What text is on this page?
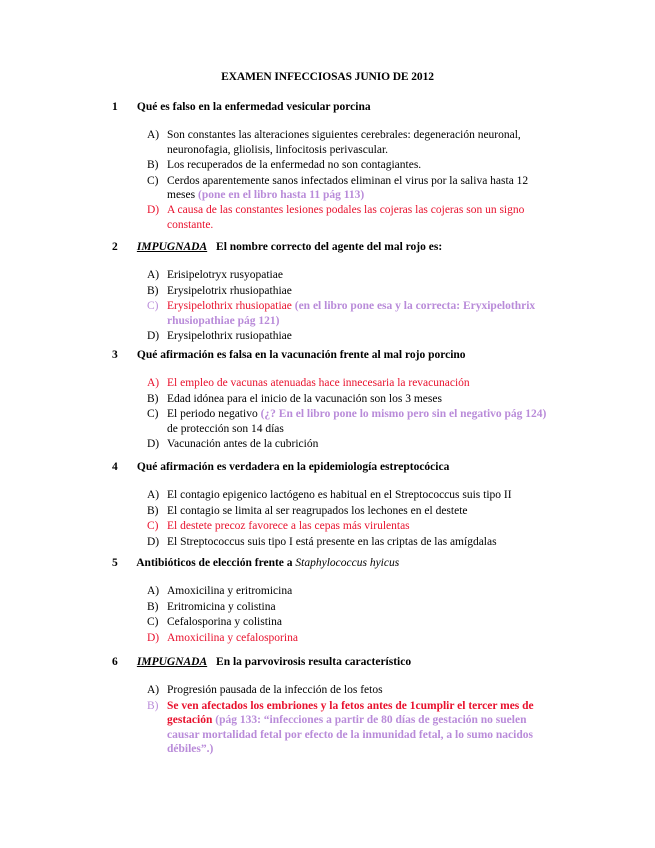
EXAMEN INFECCIOSAS JUNIO DE 2012

1 Qué es falso en la enfermedad vesicular porcina

A) Son constantes las alteraciones siguientes cerebrales: degeneración neuronal, neuronofagia, gliolisis, linfocitosis perivascular.
B) Los recuperados de la enfermedad no son contagiantes.
C) Cerdos aparentemente sanos infectados eliminan el virus por la saliva hasta 12 meses (pone en el libro hasta 11 pág 113)
D) A causa de las constantes lesiones podales las cojeras las cojeras son un signo constante.

2 IMPUGNADA El nombre correcto del agente del mal rojo es:

A) Erisipelotryx rusyopatiae
B) Erysipelotrix rhusiopathiae
C) Erysipelothrix rhusiopatiae (en el libro pone esa y la correcta: Eryxipelothrix rhusiopathiae pág 121)
D) Erysipelothrix rusiopathiae

3 Qué afirmación es falsa en la vacunación frente al mal rojo porcino

A) El empleo de vacunas atenuadas hace innecesaria la revacunación
B) Edad idónea para el inicio de la vacunación son los 3 meses
C) El periodo negativo (¿? En el libro pone lo mismo pero sin el negativo pág 124) de protección son 14 días
D) Vacunación antes de la cubrición

4 Qué afirmación es verdadera en la epidemiología estreptocócica

A) El contagio epigenico lactógeno es habitual en el Streptococcus suis tipo II
B) El contagio se limita al ser reagrupados los lechones en el destete
C) El destete precoz favorece a las cepas más virulentas
D) El Streptococcus suis tipo I está presente en las criptas de las amígdalas

5 Antibióticos de elección frente a Staphylococcus hyicus

A) Amoxicilina y eritromicina
B) Eritromicina y colistina
C) Cefalosporina y colistina
D) Amoxicilina y cefalosporina

6 IMPUGNADA En la parvovirosis resulta característico

A) Progresión pausada de la infección de los fetos
B) Se ven afectados los embriones y la fetos antes de 1cumplir el tercer mes de gestación (pág 133: “infecciones a partir de 80 días de gestación no suelen causar mortalidad fetal por efecto de la inmunidad fetal, a lo sumo nacidos débiles”.)
